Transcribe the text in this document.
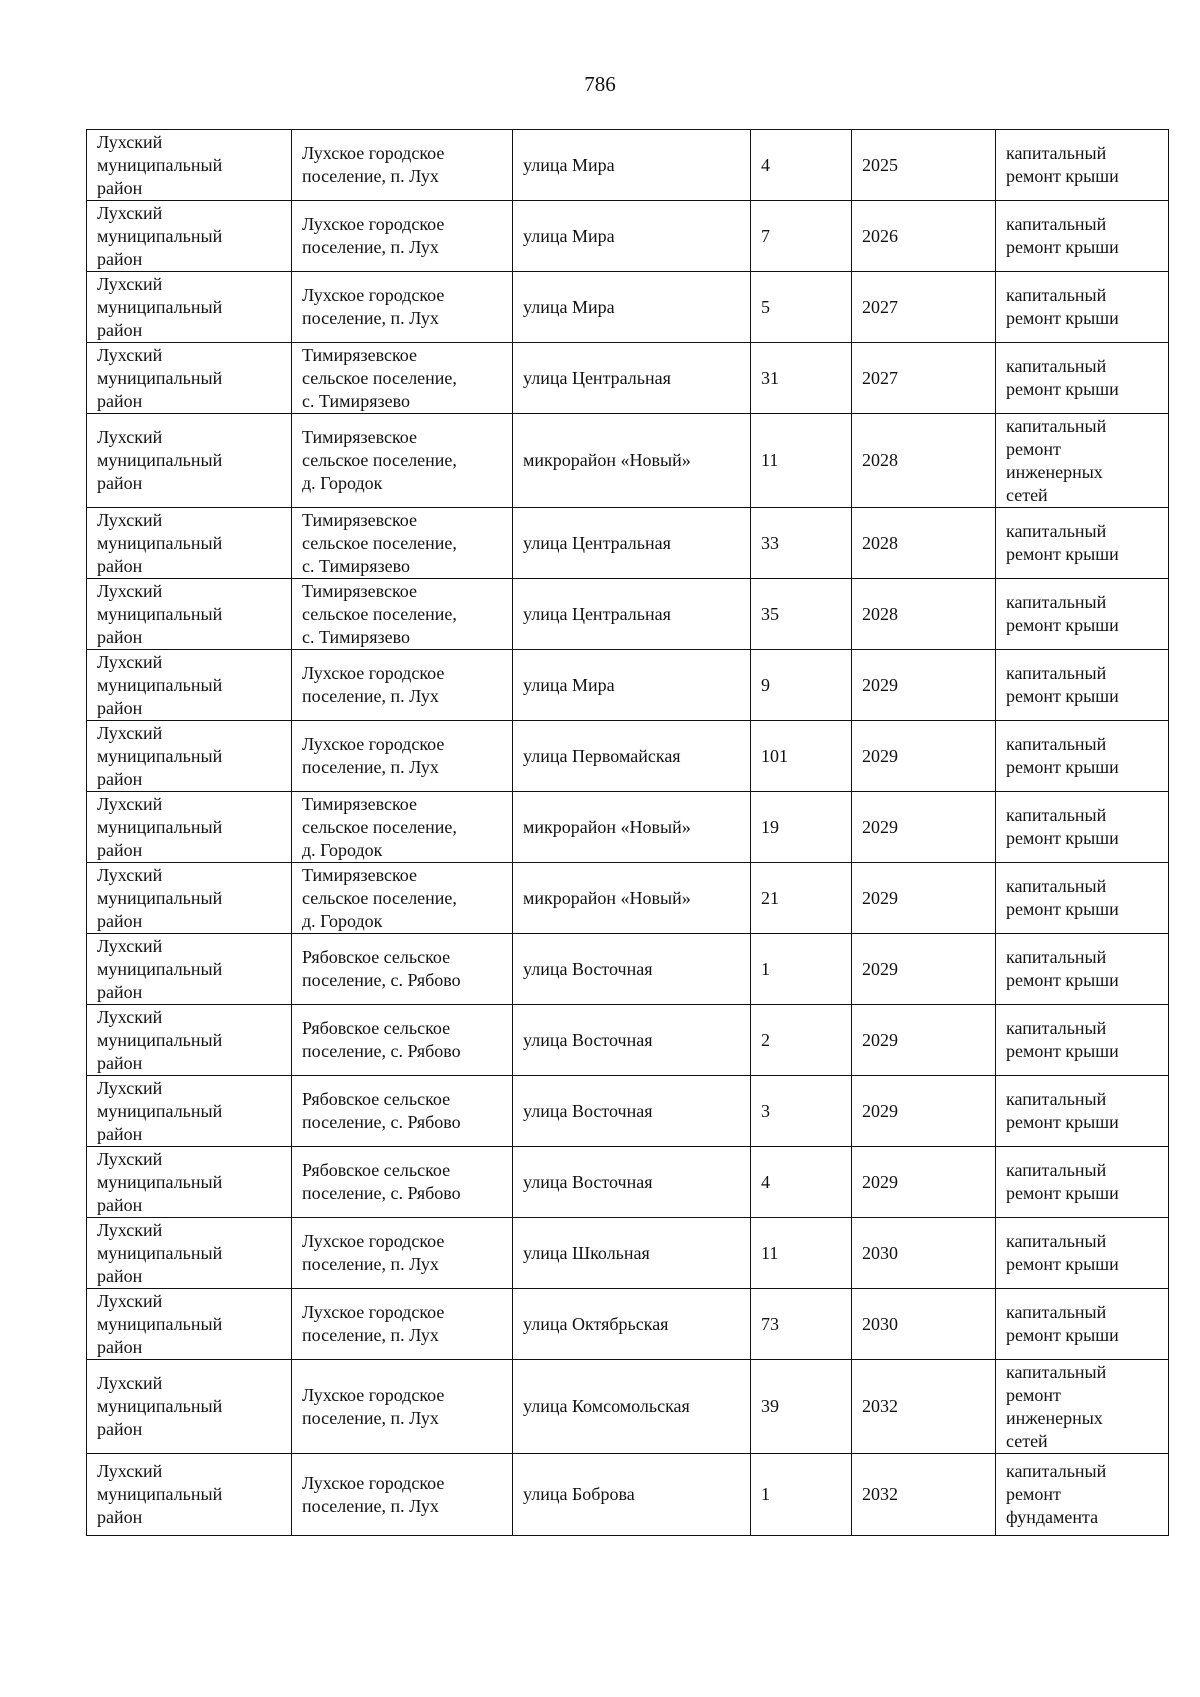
786
Лухский
муниципальный
район	Лухское городское
поселение, п. Лух	улица Мира	4	2025	капитальный
ремонт крыши
Лухский
муниципальный
район	Лухское городское
поселение, п. Лух	улица Мира	7	2026	капитальный
ремонт крыши
Лухский
муниципальный
район	Лухское городское
поселение, п. Лух	улица Мира	5	2027	капитальный
ремонт крыши
Лухский
муниципальный
район	Тимирязевское
сельское поселение,
с. Тимирязево	улица Центральная	31	2027	капитальный
ремонт крыши
Лухский
муниципальный
район	Тимирязевское
сельское поселение,
д. Городок	микрорайон «Новый»	11	2028	капитальный
ремонт
инженерных
сетей
Лухский
муниципальный
район	Тимирязевское
сельское поселение,
с. Тимирязево	улица Центральная	33	2028	капитальный
ремонт крыши
Лухский
муниципальный
район	Тимирязевское
сельское поселение,
с. Тимирязево	улица Центральная	35	2028	капитальный
ремонт крыши
Лухский
муниципальный
район	Лухское городское
поселение, п. Лух	улица Мира	9	2029	капитальный
ремонт крыши
Лухский
муниципальный
район	Лухское городское
поселение, п. Лух	улица Первомайская	101	2029	капитальный
ремонт крыши
Лухский
муниципальный
район	Тимирязевское
сельское поселение,
д. Городок	микрорайон «Новый»	19	2029	капитальный
ремонт крыши
Лухский
муниципальный
район	Тимирязевское
сельское поселение,
д. Городок	микрорайон «Новый»	21	2029	капитальный
ремонт крыши
Лухский
муниципальный
район	Рябовское сельское
поселение, с. Рябово	улица Восточная	1	2029	капитальный
ремонт крыши
Лухский
муниципальный
район	Рябовское сельское
поселение, с. Рябово	улица Восточная	2	2029	капитальный
ремонт крыши
Лухский
муниципальный
район	Рябовское сельское
поселение, с. Рябово	улица Восточная	3	2029	капитальный
ремонт крыши
Лухский
муниципальный
район	Рябовское сельское
поселение, с. Рябово	улица Восточная	4	2029	капитальный
ремонт крыши
Лухский
муниципальный
район	Лухское городское
поселение, п. Лух	улица Школьная	11	2030	капитальный
ремонт крыши
Лухский
муниципальный
район	Лухское городское
поселение, п. Лух	улица Октябрьская	73	2030	капитальный
ремонт крыши
Лухский
муниципальный
район	Лухское городское
поселение, п. Лух	улица Комсомольская	39	2032	капитальный
ремонт
инженерных
сетей
Лухский
муниципальный
район	Лухское городское
поселение, п. Лух	улица Боброва	1	2032	капитальный
ремонт
фундамента
